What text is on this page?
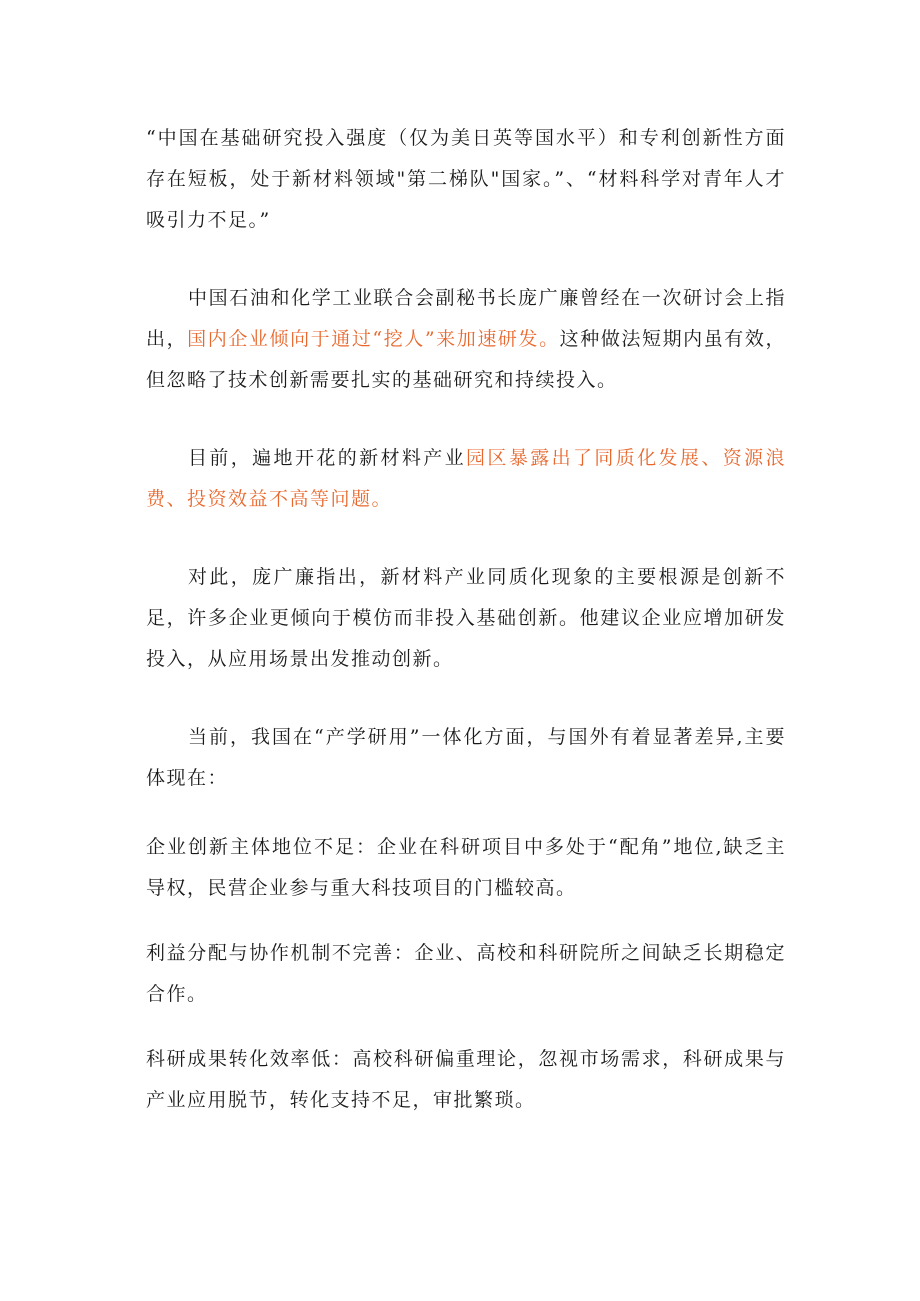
“中国在基础研究投入强度（仅为美日英等国水平）和专利创新性方面存在短板，处于新材料领域"第二梯队"国家。”、“材料科学对青年人才吸引力不足。”

中国石油和化学工业联合会副秘书长庞广廉曾经在一次研讨会上指出，国内企业倾向于通过“挖人”来加速研发。这种做法短期内虽有效，但忽略了技术创新需要扎实的基础研究和持续投入。

目前，遍地开花的新材料产业园区暴露出了同质化发展、资源浪费、投资效益不高等问题。

对此，庞广廉指出，新材料产业同质化现象的主要根源是创新不足，许多企业更倾向于模仿而非投入基础创新。他建议企业应增加研发投入，从应用场景出发推动创新。

当前，我国在“产学研用”一体化方面，与国外有着显著差异,主要体现在：

企业创新主体地位不足：企业在科研项目中多处于“配角”地位,缺乏主导权，民营企业参与重大科技项目的门槛较高。

利益分配与协作机制不完善：企业、高校和科研院所之间缺乏长期稳定合作。

科研成果转化效率低：高校科研偏重理论，忽视市场需求，科研成果与产业应用脱节，转化支持不足，审批繁琐。
